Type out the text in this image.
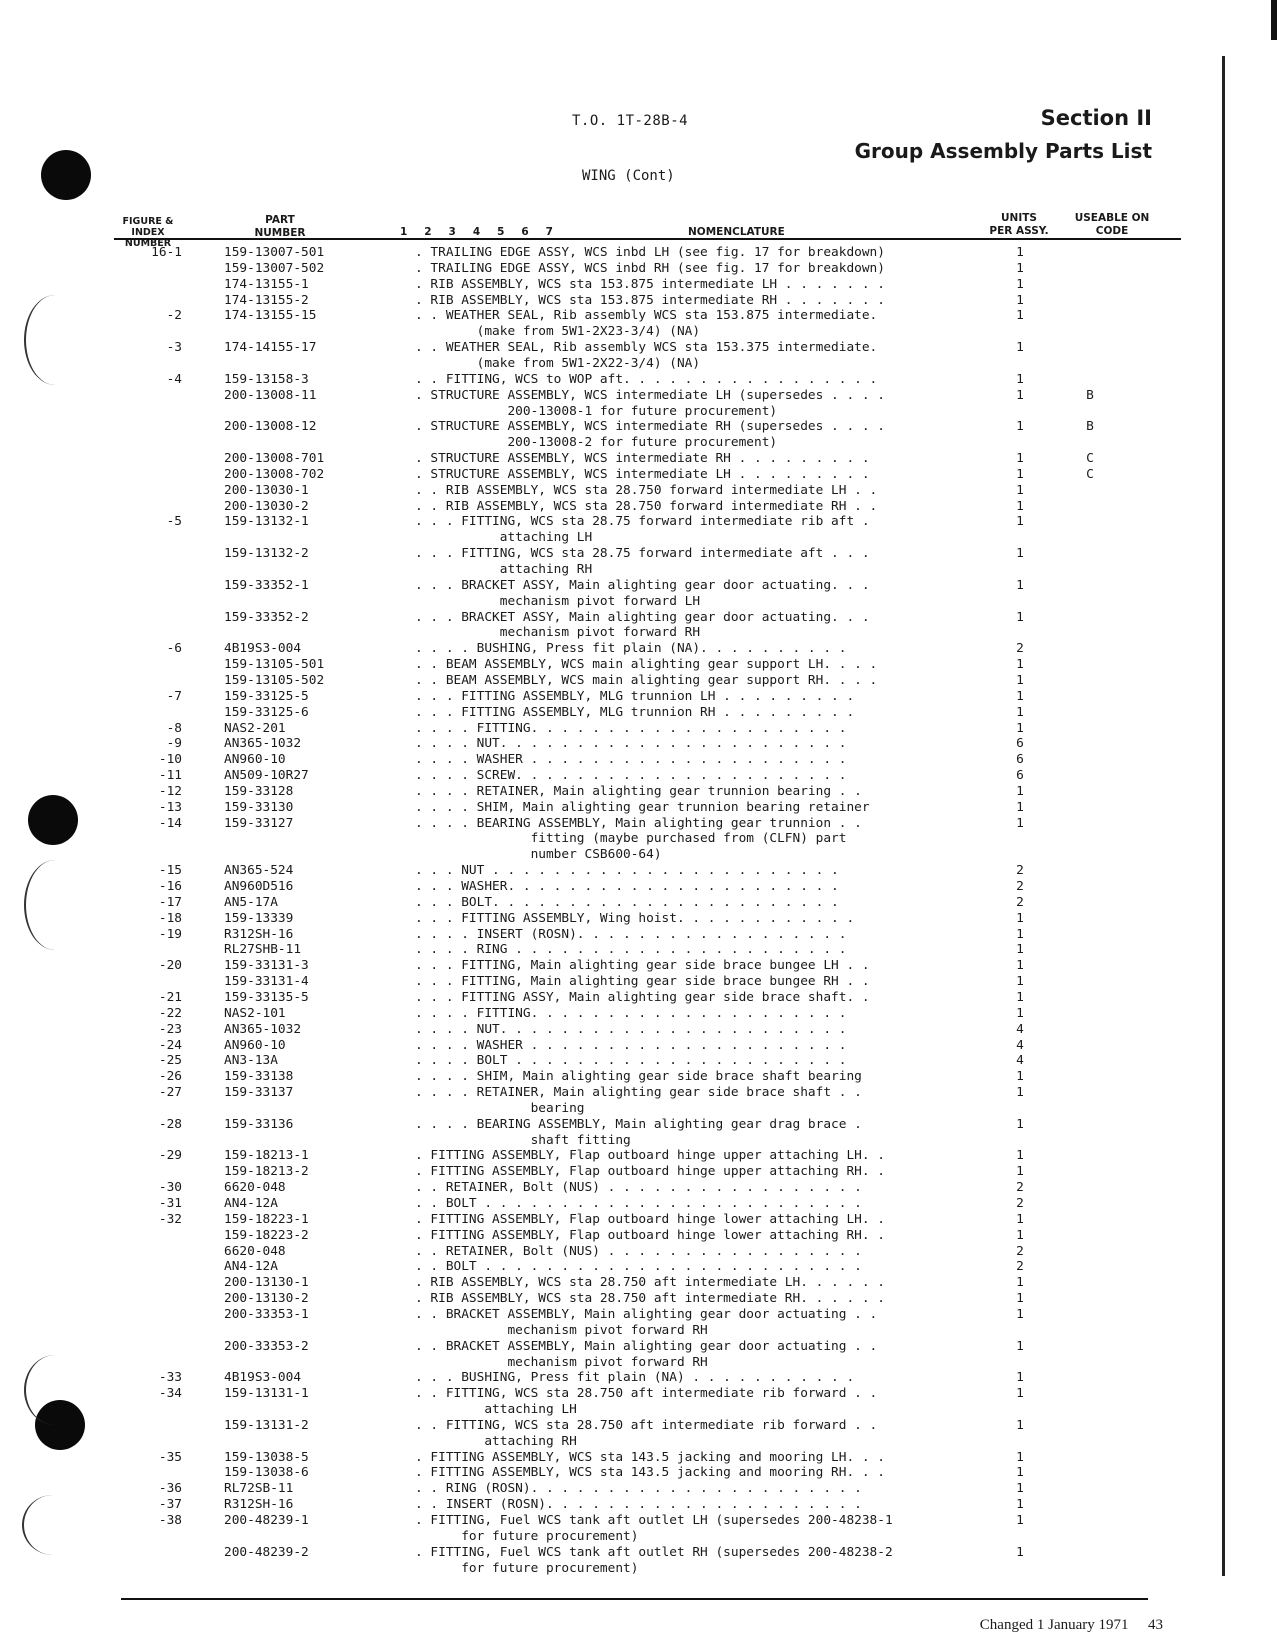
T.O. 1T-28B-4	Section II
Group Assembly Parts List
WING (Cont)
FIGURE &
INDEX NUMBER
PART
NUMBER	1   2   3   4   5   6   7	NOMENCLATURE
UNITS
PER ASSY.
USEABLE ON
CODE
16-1	159-13007-501	. TRAILING EDGE ASSY, WCS inbd LH (see fig. 17 for breakdown)	1
159-13007-502	. TRAILING EDGE ASSY, WCS inbd RH (see fig. 17 for breakdown)	1
174-13155-1	. RIB ASSEMBLY, WCS sta 153.875 intermediate LH . . . . . . .	1
174-13155-2	. RIB ASSEMBLY, WCS sta 153.875 intermediate RH . . . . . . .	1
-2	174-13155-15	. . WEATHER SEAL, Rib assembly WCS sta 153.875 intermediate.	1
(make from 5W1-2X23-3/4) (NA)
-3	174-14155-17	. . WEATHER SEAL, Rib assembly WCS sta 153.375 intermediate.	1
(make from 5W1-2X22-3/4) (NA)
-4	159-13158-3	. . FITTING, WCS to WOP aft. . . . . . . . . . . . . . . . .	1
200-13008-11	. STRUCTURE ASSEMBLY, WCS intermediate LH (supersedes . . . .	1	B
200-13008-1 for future procurement)
200-13008-12	. STRUCTURE ASSEMBLY, WCS intermediate RH (supersedes . . . .	1	B
200-13008-2 for future procurement)
200-13008-701	. STRUCTURE ASSEMBLY, WCS intermediate RH . . . . . . . . .	1	C
200-13008-702	. STRUCTURE ASSEMBLY, WCS intermediate LH . . . . . . . . .	1	C
200-13030-1	. . RIB ASSEMBLY, WCS sta 28.750 forward intermediate LH . .	1
200-13030-2	. . RIB ASSEMBLY, WCS sta 28.750 forward intermediate RH . .	1
-5	159-13132-1	. . . FITTING, WCS sta 28.75 forward intermediate rib aft .	1
attaching LH
159-13132-2	. . . FITTING, WCS sta 28.75 forward intermediate aft . . .	1
attaching RH
159-33352-1	. . . BRACKET ASSY, Main alighting gear door actuating. . .	1
mechanism pivot forward LH
159-33352-2	. . . BRACKET ASSY, Main alighting gear door actuating. . .	1
mechanism pivot forward RH
-6	4B19S3-004	. . . . BUSHING, Press fit plain (NA). . . . . . . . . .	2
159-13105-501	. . BEAM ASSEMBLY, WCS main alighting gear support LH. . . .	1
159-13105-502	. . BEAM ASSEMBLY, WCS main alighting gear support RH. . . .	1
-7	159-33125-5	. . . FITTING ASSEMBLY, MLG trunnion LH . . . . . . . . .	1
159-33125-6	. . . FITTING ASSEMBLY, MLG trunnion RH . . . . . . . . .	1
-8	NAS2-201	. . . . FITTING. . . . . . . . . . . . . . . . . . . . .	1
-9	AN365-1032	. . . . NUT. . . . . . . . . . . . . . . . . . . . . . .	6
-10	AN960-10	. . . . WASHER . . . . . . . . . . . . . . . . . . . . .	6
-11	AN509-10R27	. . . . SCREW. . . . . . . . . . . . . . . . . . . . . .	6
-12	159-33128	. . . . RETAINER, Main alighting gear trunnion bearing . .	1
-13	159-33130	. . . . SHIM, Main alighting gear trunnion bearing retainer	1
-14	159-33127	. . . . BEARING ASSEMBLY, Main alighting gear trunnion . .	1
fitting (maybe purchased from (CLFN) part
number CSB600-64)
-15	AN365-524	. . . NUT . . . . . . . . . . . . . . . . . . . . . . .	2
-16	AN960D516	. . . WASHER. . . . . . . . . . . . . . . . . . . . . .	2
-17	AN5-17A	. . . BOLT. . . . . . . . . . . . . . . . . . . . . . .	2
-18	159-13339	. . . FITTING ASSEMBLY, Wing hoist. . . . . . . . . . . .	1
-19	R312SH-16	. . . . INSERT (ROSN). . . . . . . . . . . . . . . . . .	1
RL27SHB-11	. . . . RING . . . . . . . . . . . . . . . . . . . . . .	1
-20	159-33131-3	. . . FITTING, Main alighting gear side brace bungee LH . .	1
159-33131-4	. . . FITTING, Main alighting gear side brace bungee RH . .	1
-21	159-33135-5	. . . FITTING ASSY, Main alighting gear side brace shaft. .	1
-22	NAS2-101	. . . . FITTING. . . . . . . . . . . . . . . . . . . . .	1
-23	AN365-1032	. . . . NUT. . . . . . . . . . . . . . . . . . . . . . .	4
-24	AN960-10	. . . . WASHER . . . . . . . . . . . . . . . . . . . . .	4
-25	AN3-13A	. . . . BOLT . . . . . . . . . . . . . . . . . . . . . .	4
-26	159-33138	. . . . SHIM, Main alighting gear side brace shaft bearing	1
-27	159-33137	. . . . RETAINER, Main alighting gear side brace shaft . .	1
bearing
-28	159-33136	. . . . BEARING ASSEMBLY, Main alighting gear drag brace .	1
shaft fitting
-29	159-18213-1	. FITTING ASSEMBLY, Flap outboard hinge upper attaching LH. .	1
159-18213-2	. FITTING ASSEMBLY, Flap outboard hinge upper attaching RH. .	1
-30	6620-048	. . RETAINER, Bolt (NUS) . . . . . . . . . . . . . . . . .	2
-31	AN4-12A	. . BOLT . . . . . . . . . . . . . . . . . . . . . . . . .	2
-32	159-18223-1	. FITTING ASSEMBLY, Flap outboard hinge lower attaching LH. .	1
159-18223-2	. FITTING ASSEMBLY, Flap outboard hinge lower attaching RH. .	1
6620-048	. . RETAINER, Bolt (NUS) . . . . . . . . . . . . . . . . .	2
AN4-12A	. . BOLT . . . . . . . . . . . . . . . . . . . . . . . . .	2
200-13130-1	. RIB ASSEMBLY, WCS sta 28.750 aft intermediate LH. . . . . .	1
200-13130-2	. RIB ASSEMBLY, WCS sta 28.750 aft intermediate RH. . . . . .	1
200-33353-1	. . BRACKET ASSEMBLY, Main alighting gear door actuating . .	1
mechanism pivot forward RH
200-33353-2	. . BRACKET ASSEMBLY, Main alighting gear door actuating . .	1
mechanism pivot forward RH
-33	4B19S3-004	. . . BUSHING, Press fit plain (NA) . . . . . . . . . . .	1
-34	159-13131-1	. . FITTING, WCS sta 28.750 aft intermediate rib forward . .	1
attaching LH
159-13131-2	. . FITTING, WCS sta 28.750 aft intermediate rib forward . .	1
attaching RH
-35	159-13038-5	. FITTING ASSEMBLY, WCS sta 143.5 jacking and mooring LH. . .	1
159-13038-6	. FITTING ASSEMBLY, WCS sta 143.5 jacking and mooring RH. . .	1
-36	RL72SB-11	. . RING (ROSN). . . . . . . . . . . . . . . . . . . . . .	1
-37	R312SH-16	. . INSERT (ROSN). . . . . . . . . . . . . . . . . . . . .	1
-38	200-48239-1	. FITTING, Fuel WCS tank aft outlet LH (supersedes 200-48238-1	1
for future procurement)
200-48239-2	. FITTING, Fuel WCS tank aft outlet RH (supersedes 200-48238-2	1
for future procurement)
Changed 1 January 1971 43
